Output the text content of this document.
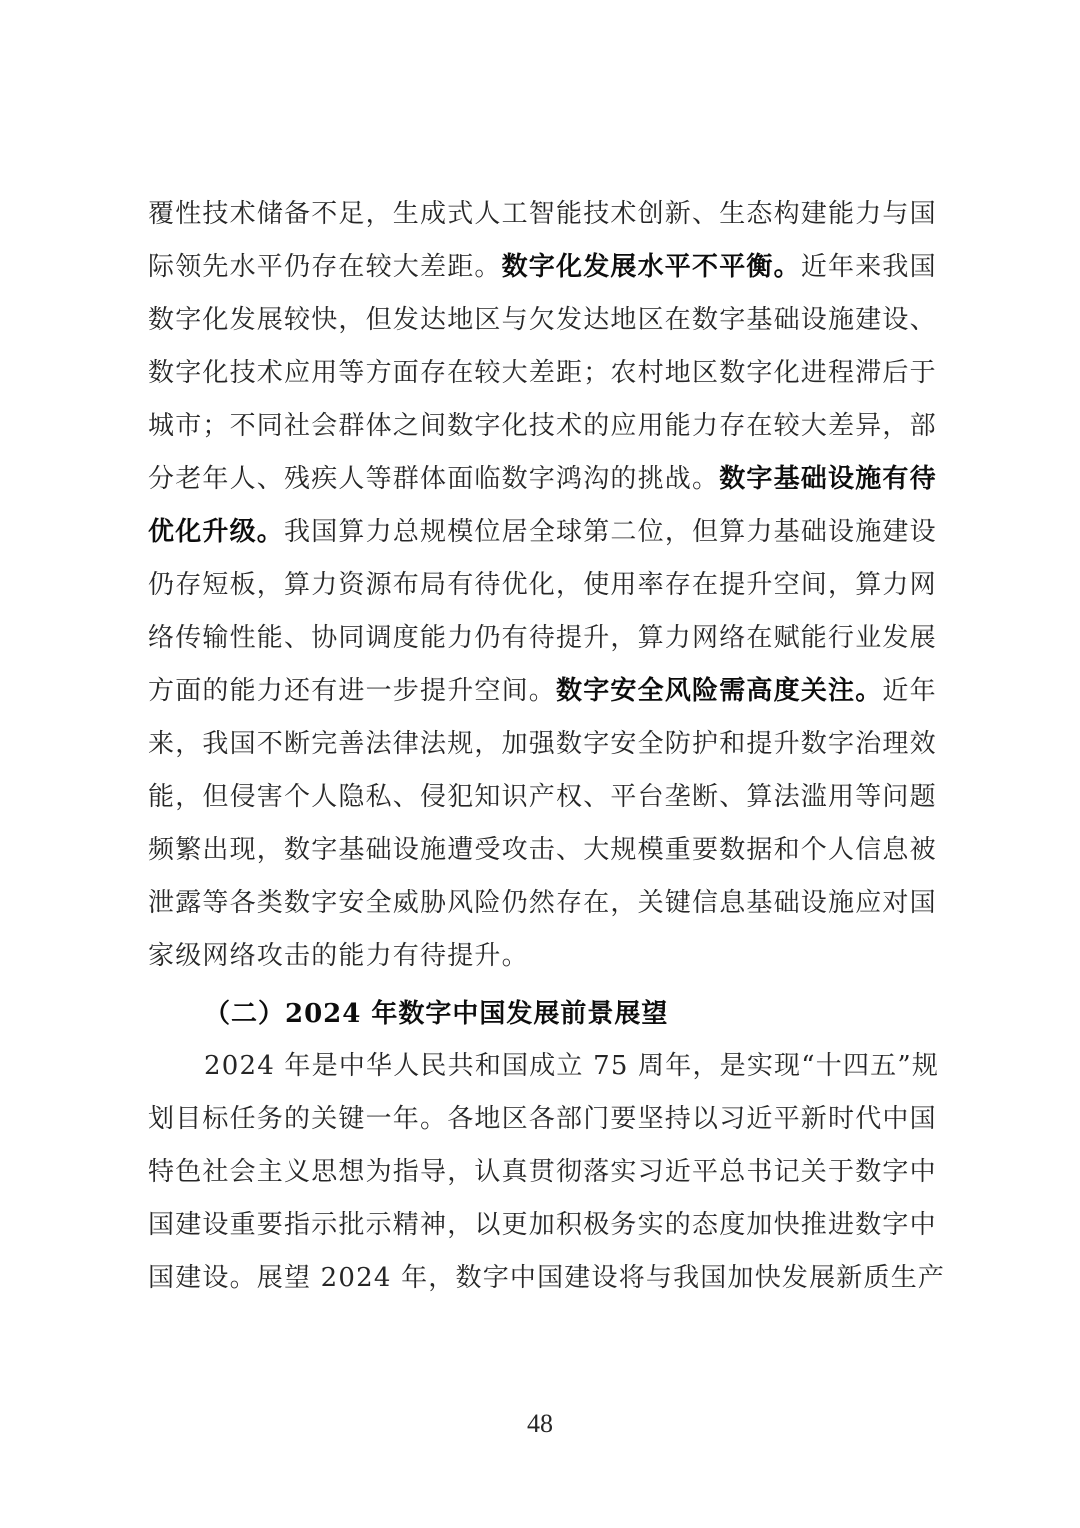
覆性技术储备不足，生成式人工智能技术创新、生态构建能力与国
际领先水平仍存在较大差距。数字化发展水平不平衡。近年来我国
数字化发展较快，但发达地区与欠发达地区在数字基础设施建设、
数字化技术应用等方面存在较大差距；农村地区数字化进程滞后于
城市；不同社会群体之间数字化技术的应用能力存在较大差异，部
分老年人、残疾人等群体面临数字鸿沟的挑战。数字基础设施有待
优化升级。我国算力总规模位居全球第二位，但算力基础设施建设
仍存短板，算力资源布局有待优化，使用率存在提升空间，算力网
络传输性能、协同调度能力仍有待提升，算力网络在赋能行业发展
方面的能力还有进一步提升空间。数字安全风险需高度关注。近年
来，我国不断完善法律法规，加强数字安全防护和提升数字治理效
能，但侵害个人隐私、侵犯知识产权、平台垄断、算法滥用等问题
频繁出现，数字基础设施遭受攻击、大规模重要数据和个人信息被
泄露等各类数字安全威胁风险仍然存在，关键信息基础设施应对国
家级网络攻击的能力有待提升。
（二）2024 年数字中国发展前景展望
2024 年是中华人民共和国成立 75 周年，是实现“十四五”规
划目标任务的关键一年。各地区各部门要坚持以习近平新时代中国
特色社会主义思想为指导，认真贯彻落实习近平总书记关于数字中
国建设重要指示批示精神，以更加积极务实的态度加快推进数字中
国建设。展望 2024 年，数字中国建设将与我国加快发展新质生产
48
